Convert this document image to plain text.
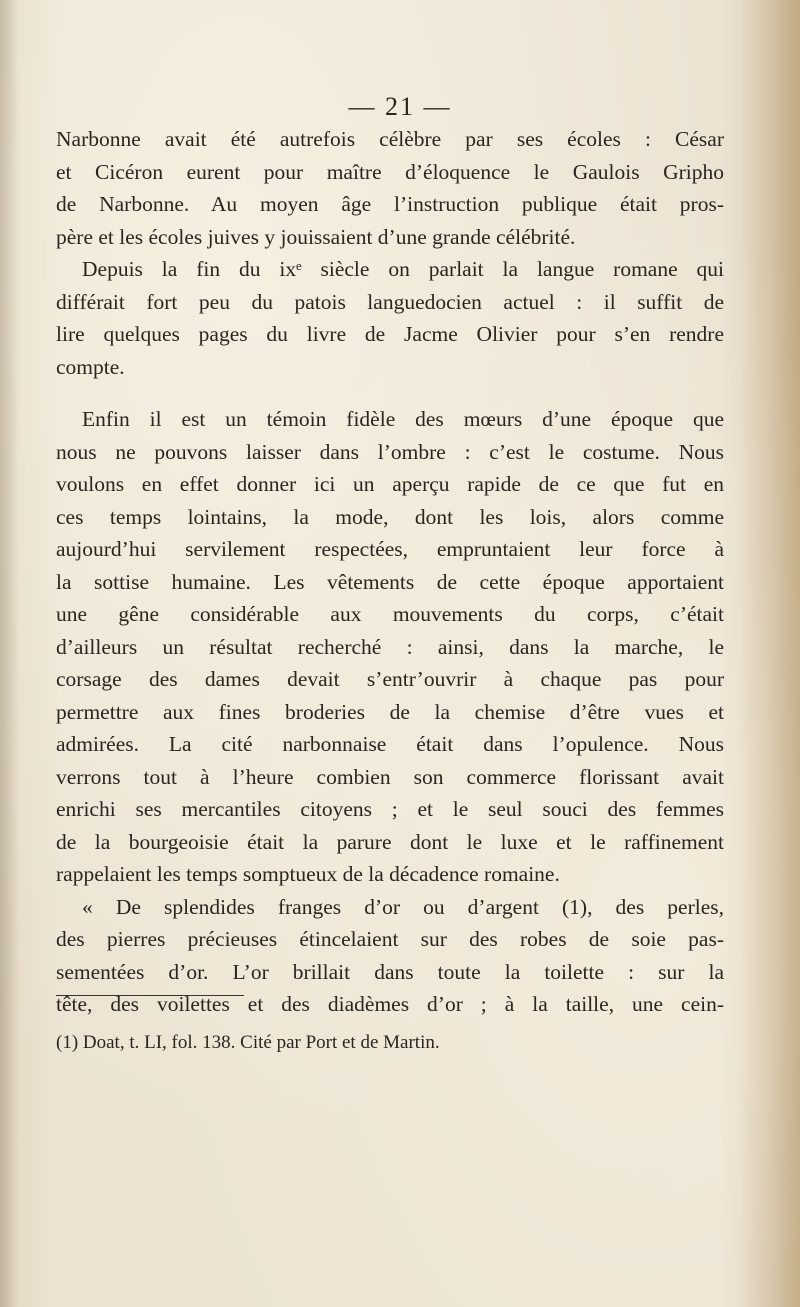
— 21 —
Narbonne avait été autrefois célèbre par ses écoles : César
et Cicéron eurent pour maître d’éloquence le Gaulois Gripho
de Narbonne. Au moyen âge l’instruction publique était pros-
père et les écoles juives y jouissaient d’une grande célébrité.
Depuis la fin du ixᵉ siècle on parlait la langue romane qui
différait fort peu du patois languedocien actuel : il suffit de
lire quelques pages du livre de Jacme Olivier pour s’en rendre
compte.
Enfin il est un témoin fidèle des mœurs d’une époque que
nous ne pouvons laisser dans l’ombre : c’est le costume. Nous
voulons en effet donner ici un aperçu rapide de ce que fut en
ces temps lointains, la mode, dont les lois, alors comme
aujourd’hui servilement respectées, empruntaient leur force à
la sottise humaine. Les vêtements de cette époque apportaient
une gêne considérable aux mouvements du corps, c’était
d’ailleurs un résultat recherché : ainsi, dans la marche, le
corsage des dames devait s’entr’ouvrir à chaque pas pour
permettre aux fines broderies de la chemise d’être vues et
admirées. La cité narbonnaise était dans l’opulence. Nous
verrons tout à l’heure combien son commerce florissant avait
enrichi ses mercantiles citoyens ; et le seul souci des femmes
de la bourgeoisie était la parure dont le luxe et le raffinement
rappelaient les temps somptueux de la décadence romaine.
« De splendides franges d’or ou d’argent (1), des perles,
des pierres précieuses étincelaient sur des robes de soie pas-
sementées d’or. L’or brillait dans toute la toilette : sur la
tête, des voilettes et des diadèmes d’or ; à la taille, une cein-
(1) Doat, t. LI, fol. 138. Cité par Port et de Martin.
